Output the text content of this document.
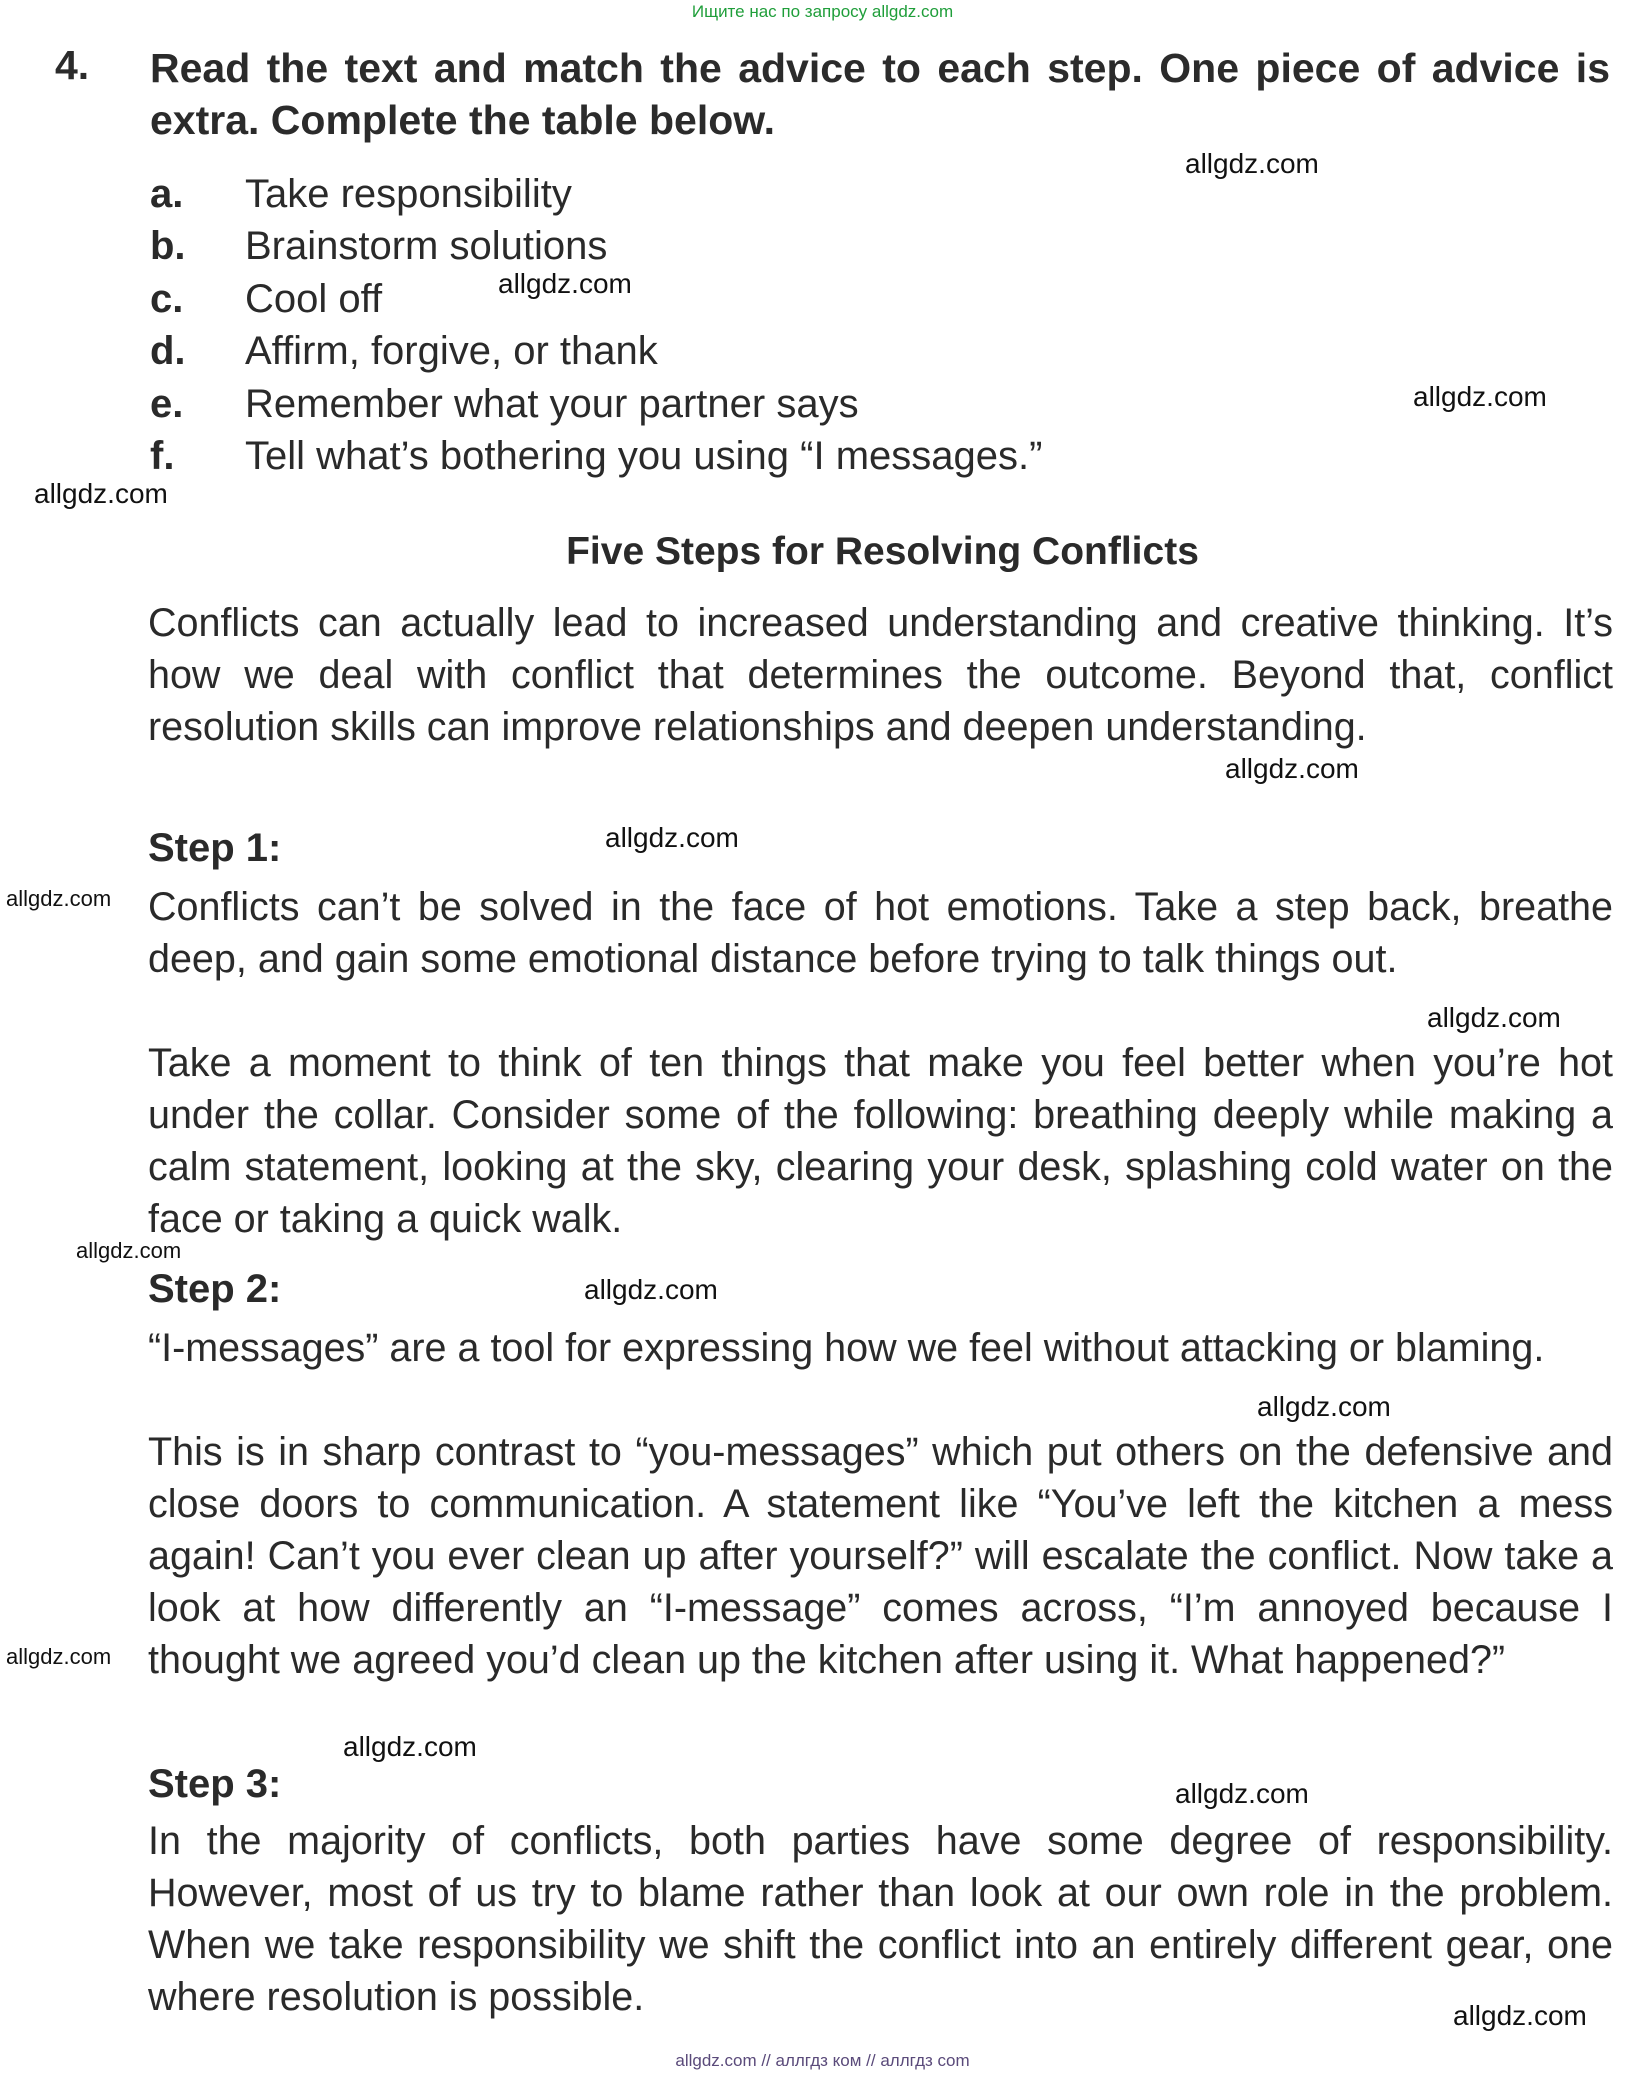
Ищите нас по запросу allgdz.com
4. Read the text and match the advice to each step. One piece of advice is extra. Complete the table below.
a.	Take responsibility
b.	Brainstorm solutions
c.	Cool off
d.	Affirm, forgive, or thank
e.	Remember what your partner says
f.	Tell what’s bothering you using “I messages.”
Five Steps for Resolving Conflicts
Conflicts can actually lead to increased understanding and creative thinking. It’s how we deal with conflict that determines the outcome. Beyond that, conflict resolution skills can improve relationships and deepen understanding.
Step 1:
Conflicts can’t be solved in the face of hot emotions. Take a step back, breathe deep, and gain some emotional distance before trying to talk things out.
Take a moment to think of ten things that make you feel better when you’re hot under the collar. Consider some of the following: breathing deeply while making a calm statement, looking at the sky, clearing your desk, splashing cold water on the face or taking a quick walk.
Step 2:
“I-messages” are a tool for expressing how we feel without attacking or blaming.
This is in sharp contrast to “you-messages” which put others on the defensive and close doors to communication. A statement like “You’ve left the kitchen a mess again! Can’t you ever clean up after yourself?” will escalate the conflict. Now take a look at how differently an “I-message” comes across, “I’m annoyed because I thought we agreed you’d clean up the kitchen after using it. What happened?”
Step 3:
In the majority of conflicts, both parties have some degree of responsibility. However, most of us try to blame rather than look at our own role in the problem. When we take responsibility we shift the conflict into an entirely different gear, one where resolution is possible.
allgdz.com
allgdz.com
allgdz.com
allgdz.com
allgdz.com
allgdz.com
allgdz.com
allgdz.com
allgdz.com
allgdz.com
allgdz.com
allgdz.com
allgdz.com
allgdz.com
allgdz.com
allgdz.com // аллгдз ком // аллгдз com
